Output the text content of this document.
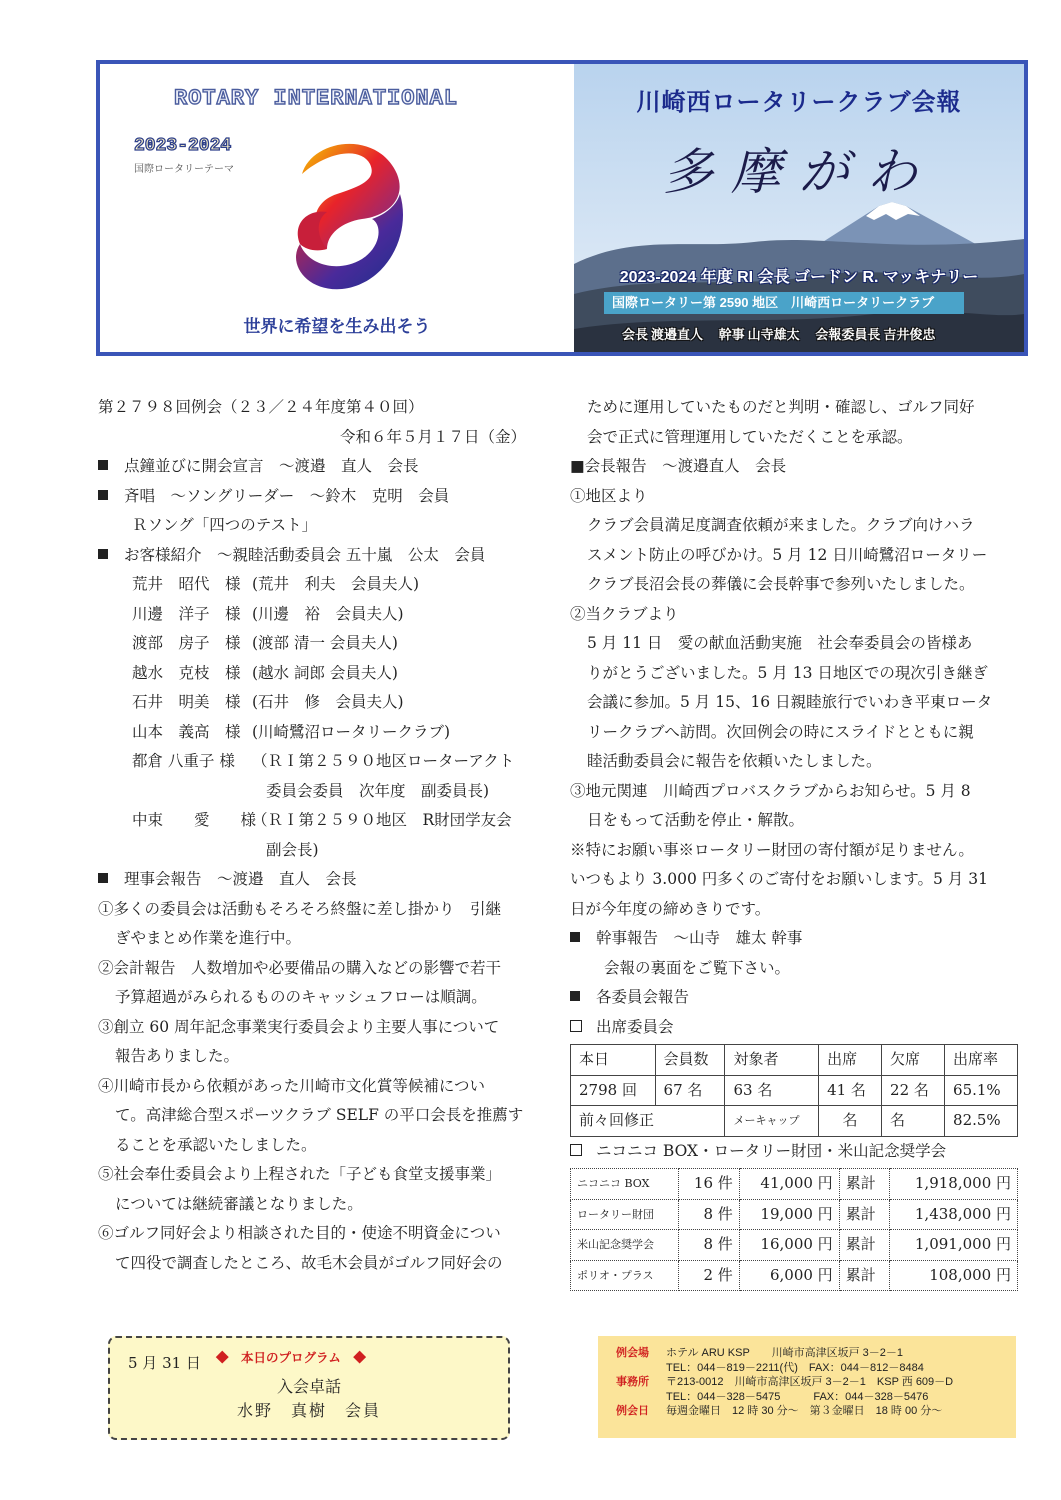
ROTARY INTERNATIONAL
2023-2024
国際ロータリーテーマ
世界に希望を生み出そう
川崎西ロータリークラブ会報
多摩がわ
2023-2024 年度 RI 会長 ゴードン R. マッキナリー
国際ロータリー第 2590 地区　川崎西ロータリークラブ
会長 渡邉直人 幹事 山寺雄太 会報委員長 吉井俊忠
第２７９８回例会（２３／２４年度第４０回）
令和６年５月１７日（金）
点鐘並びに開会宣言　～渡邉　直人　会長
斉唱　～ソングリーダー　～鈴木　克明　会員
Ｒソング「四つのテスト」
お客様紹介　～親睦活動委員会 五十嵐　公太　会員
荒井　昭代　様 (荒井　利夫　会員夫人)
川邊　洋子　様 (川邊　裕　会員夫人)
渡部　房子　様 (渡部 清一 会員夫人)
越水　克枝　様 (越水 詞郎 会員夫人)
石井　明美　様 (石井　修　会員夫人)
山本　義高　様 (川崎鷺沼ロータリークラブ)
都倉 八重子 様 （ＲＩ第２５９０地区ローターアクト
委員会委員　次年度　副委員長)
中束　　愛　　様（ＲＩ第２５９０地区　R財団学友会
副会長)
理事会報告　～渡邉　直人　会長
①多くの委員会は活動もそろそろ終盤に差し掛かり　引継
ぎやまとめ作業を進行中。
②会計報告　人数増加や必要備品の購入などの影響で若干
予算超過がみられるもののキャッシュフローは順調。
③創立 60 周年記念事業実行委員会より主要人事について
報告ありました。
④川崎市長から依頼があった川崎市文化賞等候補につい
て。高津総合型スポーツクラブ SELF の平口会長を推薦す
ることを承認いたしました。
⑤社会奉仕委員会より上程された「子ども食堂支援事業」
については継続審議となりました。
⑥ゴルフ同好会より相談された目的・使途不明資金につい
て四役で調査したところ、故毛木会員がゴルフ同好会の
ために運用していたものだと判明・確認し、ゴルフ同好
会で正式に管理運用していただくことを承認。
■会長報告　～渡邉直人　会長
①地区より
クラブ会員満足度調査依頼が来ました。クラブ向けハラ
スメント防止の呼びかけ。5 月 12 日川崎鷺沼ロータリー
クラブ長沼会長の葬儀に会長幹事で参列いたしました。
②当クラブより
5 月 11 日　愛の献血活動実施　社会奉委員会の皆様あ
りがとうございました。5 月 13 日地区での現次引き継ぎ
会議に参加。5 月 15、16 日親睦旅行でいわき平東ロータ
リークラブへ訪問。次回例会の時にスライドとともに親
睦活動委員会に報告を依頼いたしました。
③地元関連　川崎西プロバスクラブからお知らせ。5 月 8
日をもって活動を停止・解散。
※特にお願い事※ロータリー財団の寄付額が足りません。
いつもより 3.000 円多くのご寄付をお願いします。5 月 31
日が今年度の締めきりです。
幹事報告　～山寺　雄太 幹事
会報の裏面をご覧下さい。
各委員会報告
出席委員会
本日	会員数	対象者	出席	欠席	出席率
2798 回	67 名	63 名	41 名	22 名	65.1%
前々回修正		メーキャップ	名	名	82.5%
ニコニコ BOX・ロータリー財団・米山記念奨学会
ニコニコ BOX	16 件	41,000 円	累計	1,918,000 円
ロータリー財団	8 件	19,000 円	累計	1,438,000 円
米山記念奨学会	8 件	16,000 円	累計	1,091,000 円
ポリオ・プラス	2 件	6,000 円	累計	108,000 円
5 月 31 日 ◆　本日のプログラム　◆
入会卓話
水野　真樹　会員
例会場 ホテル ARU KSP　　川崎市高津区坂戸 3－2－1
TEL：044－819－2211(代)　FAX：044－812－8484
事務所 〒213-0012　川崎市高津区坂戸 3－2－1　KSP 西 609－D
TEL：044－328－5475　　　FAX：044－328－5476
例会日 毎週金曜日　12 時 30 分～　第３金曜日　18 時 00 分～
